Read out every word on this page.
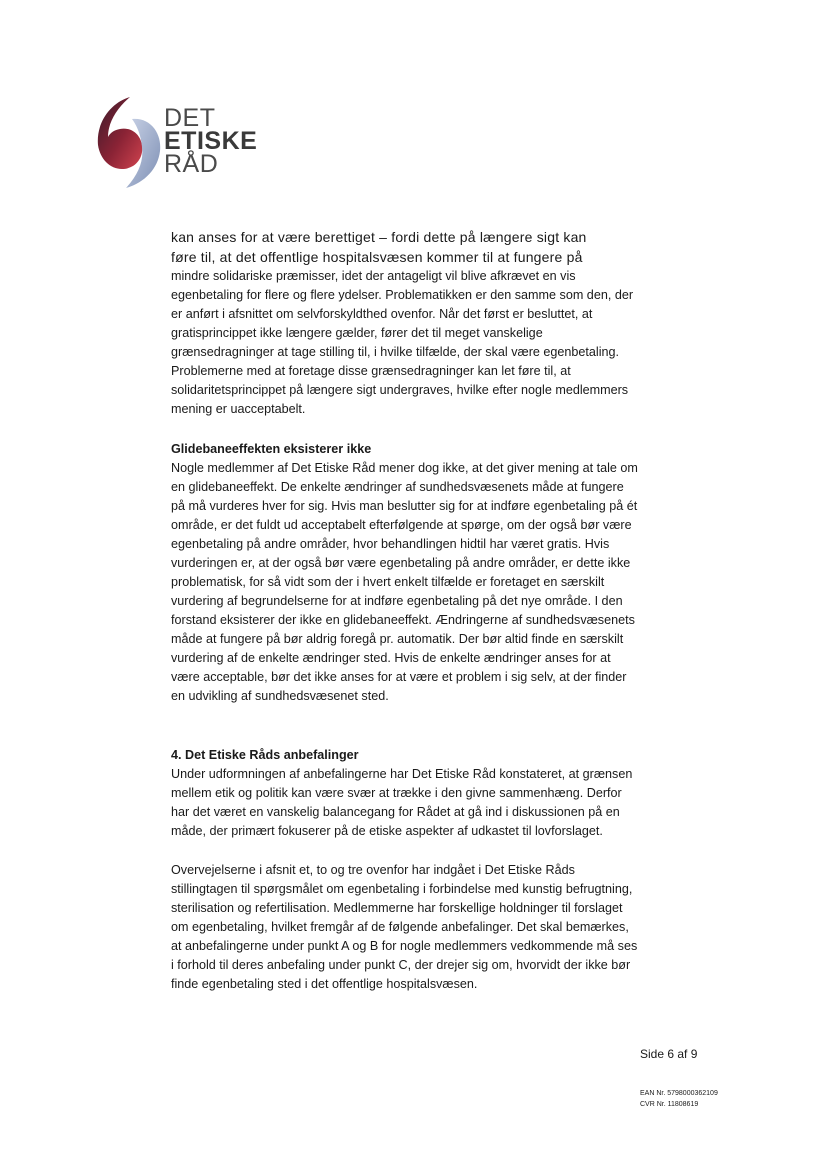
DET
ETISKE
RÅD

kan anses for at være berettiget – fordi dette på længere sigt kan

føre til, at det offentlige hospitalsvæsen kommer til at fungere på

mindre solidariske præmisser, idet der antageligt vil blive afkrævet en vis egenbetaling for flere og flere ydelser. Problematikken er den samme som den, der er anført i afsnittet om selvforskyldthed ovenfor. Når det først er besluttet, at gratisprincippet ikke længere gælder, fører det til meget vanskelige grænsedragninger at tage stilling til, i hvilke tilfælde, der skal være egenbetaling. Problemerne med at foretage disse grænsedragninger kan let føre til, at solidaritetsprincippet på længere sigt undergraves, hvilke efter nogle medlemmers mening er uacceptabelt.

Glidebaneeffekten eksisterer ikke

Nogle medlemmer af Det Etiske Råd mener dog ikke, at det giver mening at tale om en glidebaneeffekt. De enkelte ændringer af sundhedsvæsenets måde at fungere på må vurderes hver for sig. Hvis man beslutter sig for at indføre egenbetaling på ét område, er det fuldt ud acceptabelt efterfølgende at spørge, om der også bør være egenbetaling på andre områder, hvor behandlingen hidtil har været gratis. Hvis vurderingen er, at der også bør være egenbetaling på andre områder, er dette ikke problematisk, for så vidt som der i hvert enkelt tilfælde er foretaget en særskilt vurdering af begrundelserne for at indføre egenbetaling på det nye område. I den forstand eksisterer der ikke en glidebaneeffekt. Ændringerne af sundhedsvæsenets måde at fungere på bør aldrig foregå pr. automatik. Der bør altid finde en særskilt vurdering af de enkelte ændringer sted. Hvis de enkelte ændringer anses for at være acceptable, bør det ikke anses for at være et problem i sig selv, at der finder en udvikling af sundhedsvæsenet sted.

4. Det Etiske Råds anbefalinger

Under udformningen af anbefalingerne har Det Etiske Råd konstateret, at grænsen mellem etik og politik kan være svær at trække i den givne sammenhæng. Derfor har det været en vanskelig balancegang for Rådet at gå ind i diskussionen på en måde, der primært fokuserer på de etiske aspekter af udkastet til lovforslaget.

Overvejelserne i afsnit et, to og tre ovenfor har indgået i Det Etiske Råds stillingtagen til spørgsmålet om egenbetaling i forbindelse med kunstig befrugtning, sterilisation og refertilisation. Medlemmerne har forskellige holdninger til forslaget om egenbetaling, hvilket fremgår af de følgende anbefalinger. Det skal bemærkes, at anbefalingerne under punkt A og B for nogle medlemmers vedkommende må ses i forhold til deres anbefaling under punkt C, der drejer sig om, hvorvidt der ikke bør finde egenbetaling sted i det offentlige hospitalsvæsen.

Side 6 af 9
EAN Nr. 5798000362109
CVR Nr. 11808619
